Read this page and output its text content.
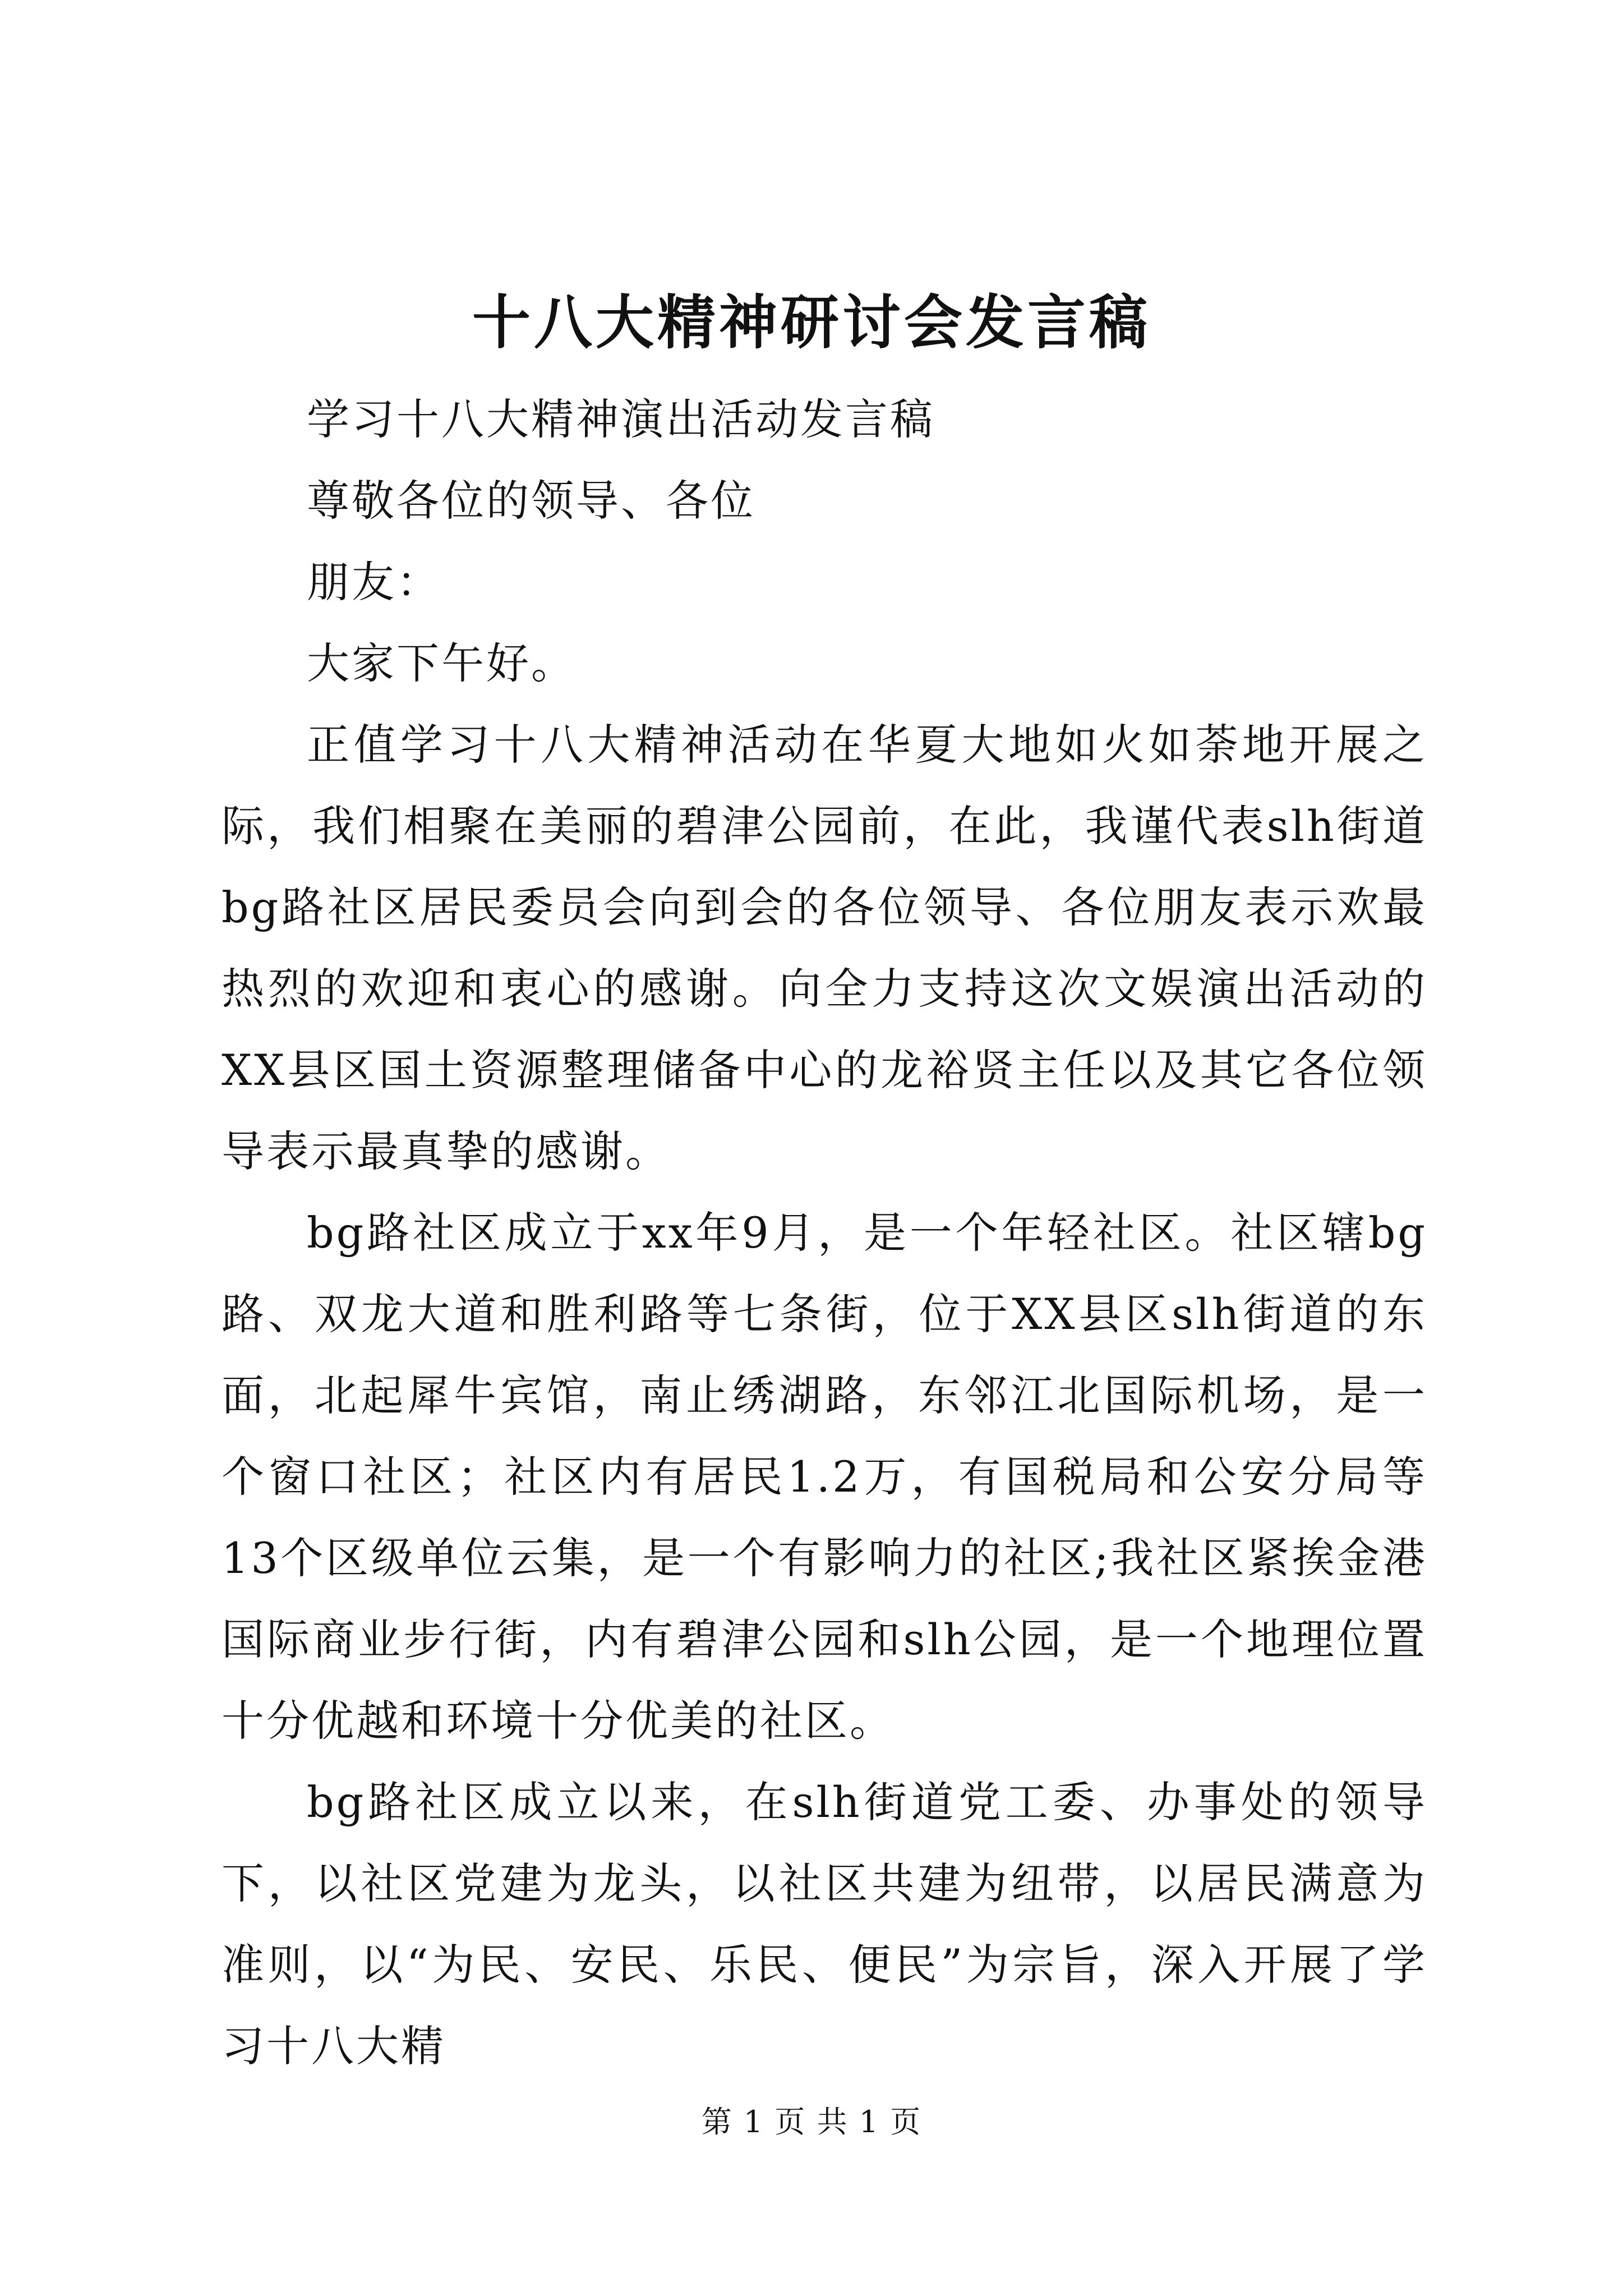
十八大精神研讨会发言稿

学习十八大精神演出活动发言稿

尊敬各位的领导、各位

朋友：

大家下午好。

正值学习十八大精神活动在华夏大地如火如荼地开展之际，我们相聚在美丽的碧津公园前，在此，我谨代表slh街道bg路社区居民委员会向到会的各位领导、各位朋友表示欢最热烈的欢迎和衷心的感谢。向全力支持这次文娱演出活动的XX县区国土资源整理储备中心的龙裕贤主任以及其它各位领导表示最真挚的感谢。

bg路社区成立于xx年9月，是一个年轻社区。社区辖bg路、双龙大道和胜利路等七条街，位于XX县区slh街道的东面，北起犀牛宾馆，南止绣湖路，东邻江北国际机场，是一个窗口社区；社区内有居民1.2万，有国税局和公安分局等13个区级单位云集，是一个有影响力的社区;我社区紧挨金港国际商业步行街，内有碧津公园和slh公园，是一个地理位置十分优越和环境十分优美的社区。

bg路社区成立以来，在slh街道党工委、办事处的领导下，以社区党建为龙头，以社区共建为纽带，以居民满意为准则，以“为民、安民、乐民、便民”为宗旨，深入开展了学习十八大精

第 1 页 共 1 页
